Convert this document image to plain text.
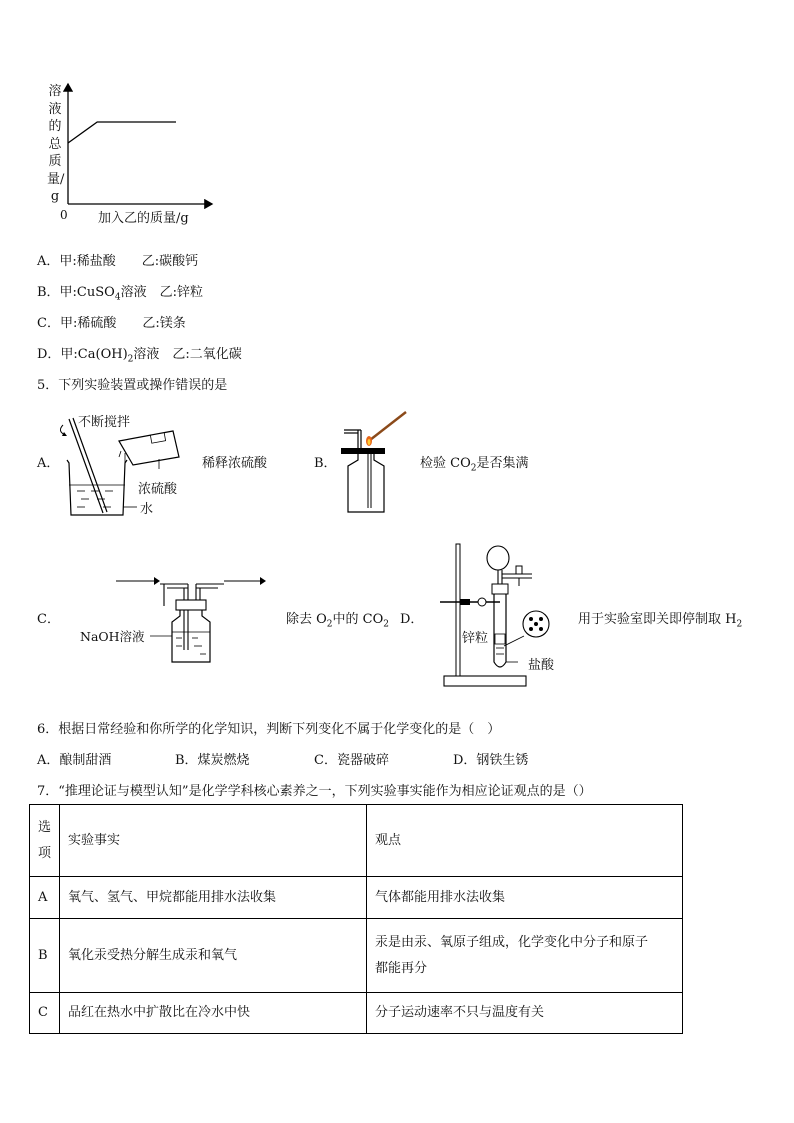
溶液的总质量/g
0 加入乙的质量/g
A．甲:稀盐酸　　乙:碳酸钙
B．甲:CuSO$_4$溶液　乙:锌粒
C．甲:稀硫酸　　乙:镁条
D．甲$:Ca(OH)_2$溶液　乙:二氧化碳
5．下列实验装置或操作错误的是
A．
不断搅拌
浓硫酸
水
稀释浓硫酸	B．	检验 $CO_2$是否集满
C．
NaOH溶液
除去 $O_2$中的 $CO_2$ D．
锌粒
盐酸
用于实验室即关即停制取 $H_2$
6．根据日常经验和你所学的化学知识，判断下列变化不属于化学变化的是（　）
A．酿制甜酒	B．煤炭燃烧	C．瓷器破碎	D．钢铁生锈
7．“推理论证与模型认知”是化学学科核心素养之一，下列实验事实能作为相应论证观点的是（）
选
项	实验事实	观点
A	氧气、氢气、甲烷都能用排水法收集	气体都能用排水法收集
B	氧化汞受热分解生成汞和氧气	汞是由汞、氧原子组成，化学变化中分子和原子
都能再分

C	品红在热水中扩散比在冷水中快	分子运动速率不只与温度有关
